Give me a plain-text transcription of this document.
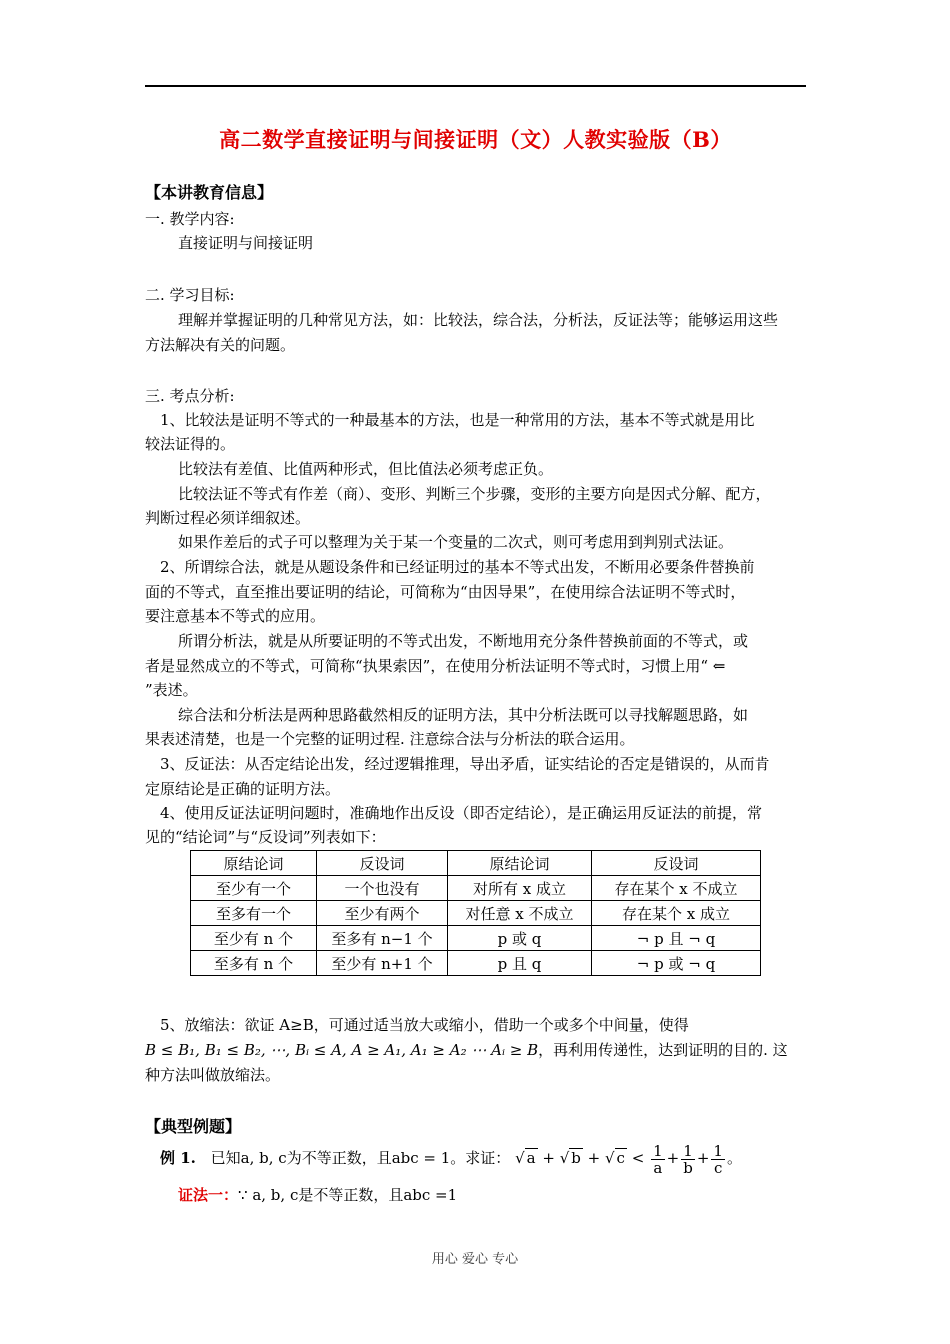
高二数学直接证明与间接证明（文）人教实验版（B）
【本讲教育信息】
一. 教学内容:
直接证明与间接证明
二. 学习目标:
理解并掌握证明的几种常见方法，如：比较法，综合法，分析法，反证法等；能够运用这些
方法解决有关的问题。
三. 考点分析:
1、比较法是证明不等式的一种最基本的方法，也是一种常用的方法，基本不等式就是用比
较法证得的。
比较法有差值、比值两种形式，但比值法必须考虑正负。
比较法证不等式有作差（商）、变形、判断三个步骤，变形的主要方向是因式分解、配方，
判断过程必须详细叙述。
如果作差后的式子可以整理为关于某一个变量的二次式，则可考虑用到判别式法证。
2、所谓综合法，就是从题设条件和已经证明过的基本不等式出发，不断用必要条件替换前
面的不等式，直至推出要证明的结论，可简称为“由因导果”，在使用综合法证明不等式时，
要注意基本不等式的应用。
所谓分析法，就是从所要证明的不等式出发，不断地用充分条件替换前面的不等式，或
者是显然成立的不等式，可简称“执果索因”，在使用分析法证明不等式时，习惯上用“ ⇐
”表述。
综合法和分析法是两种思路截然相反的证明方法，其中分析法既可以寻找解题思路，如
果表述清楚，也是一个完整的证明过程. 注意综合法与分析法的联合运用。
3、反证法：从否定结论出发，经过逻辑推理，导出矛盾，证实结论的否定是错误的，从而肯
定原结论是正确的证明方法。
4、使用反证法证明问题时，准确地作出反设（即否定结论），是正确运用反证法的前提，常
见的“结论词”与“反设词”列表如下：
原结论词	反设词	原结论词	反设词
至少有一个	一个也没有	对所有 x 成立	存在某个 x 不成立
至多有一个	至少有两个	对任意 x 不成立	存在某个 x 成立
至少有 n 个	至多有 n−1 个	p 或 q	¬ p 且 ¬ q
至多有 n 个	至少有 n+1 个	p 且 q	¬ p 或 ¬ q
5、放缩法：欲证 A≥B，可通过适当放大或缩小，借助一个或多个中间量，使得
B ≤ B₁, B₁ ≤ B₂, ⋯, Bᵢ ≤ A, A ≥ A₁, A₁ ≥ A₂ ⋯ Aᵢ ≥ B，再利用传递性，达到证明的目的. 这
种方法叫做放缩法。
【典型例题】
例 1. 已知a, b, c为不等正数，且abc = 1。求证： √ a + √ b + √ $c < \frac{1}{a} + \frac{1}{b} + \frac{1}{c}$ 。
证法一：∵ a, b, c是不等正数，且abc =1
用心 爱心 专心
